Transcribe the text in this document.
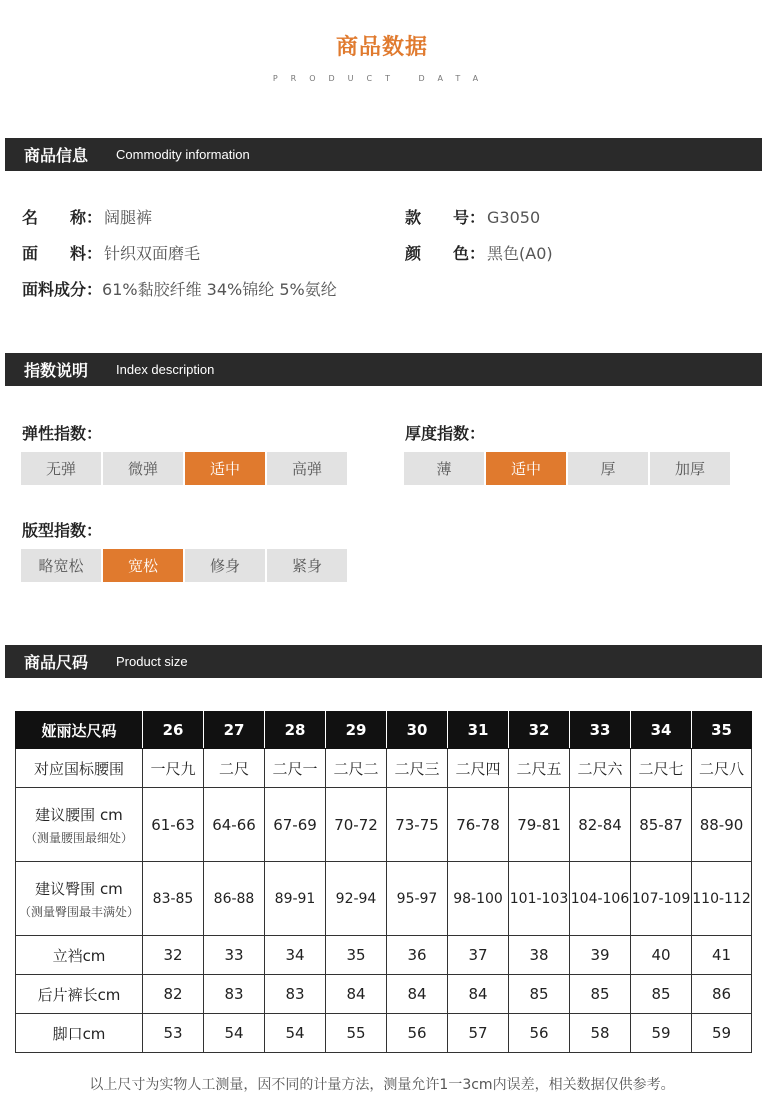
商品数据
PRODUCT DATA
商品信息 Commodity information
名　　称： 阔腿裤	款　　号： G3050
面　　料： 针织双面磨毛	颜　　色： 黑色(A0)
面料成分：61%黏胶纤维 34%锦纶 5%氨纶
指数说明 Index description
弹性指数：
无弹	微弹	适中	高弹
厚度指数：
薄	适中	厚	加厚
版型指数：
略宽松	宽松	修身	紧身
商品尺码 Product size
娅丽达尺码	26	27	28	29	30	31	32	33	34	35
对应国标腰围	一尺九	二尺	二尺一	二尺二	二尺三	二尺四	二尺五	二尺六	二尺七	二尺八
建议腰围 cm
（测量腰围最细处）	61-63	64-66	67-69	70-72	73-75	76-78	79-81	82-84	85-87	88-90
建议臀围 cm
（测量臀围最丰满处）	83-85	86-88	89-91	92-94	95-97	98-100	101-103	104-106	107-109	110-112
立裆cm	32	33	34	35	36	37	38	39	40	41
后片裤长cm	82	83	83	84	84	84	85	85	85	86
脚口cm	53	54	54	55	56	57	56	58	59	59
以上尺寸为实物人工测量，因不同的计量方法，测量允许1一3cm内误差，相关数据仅供参考。
